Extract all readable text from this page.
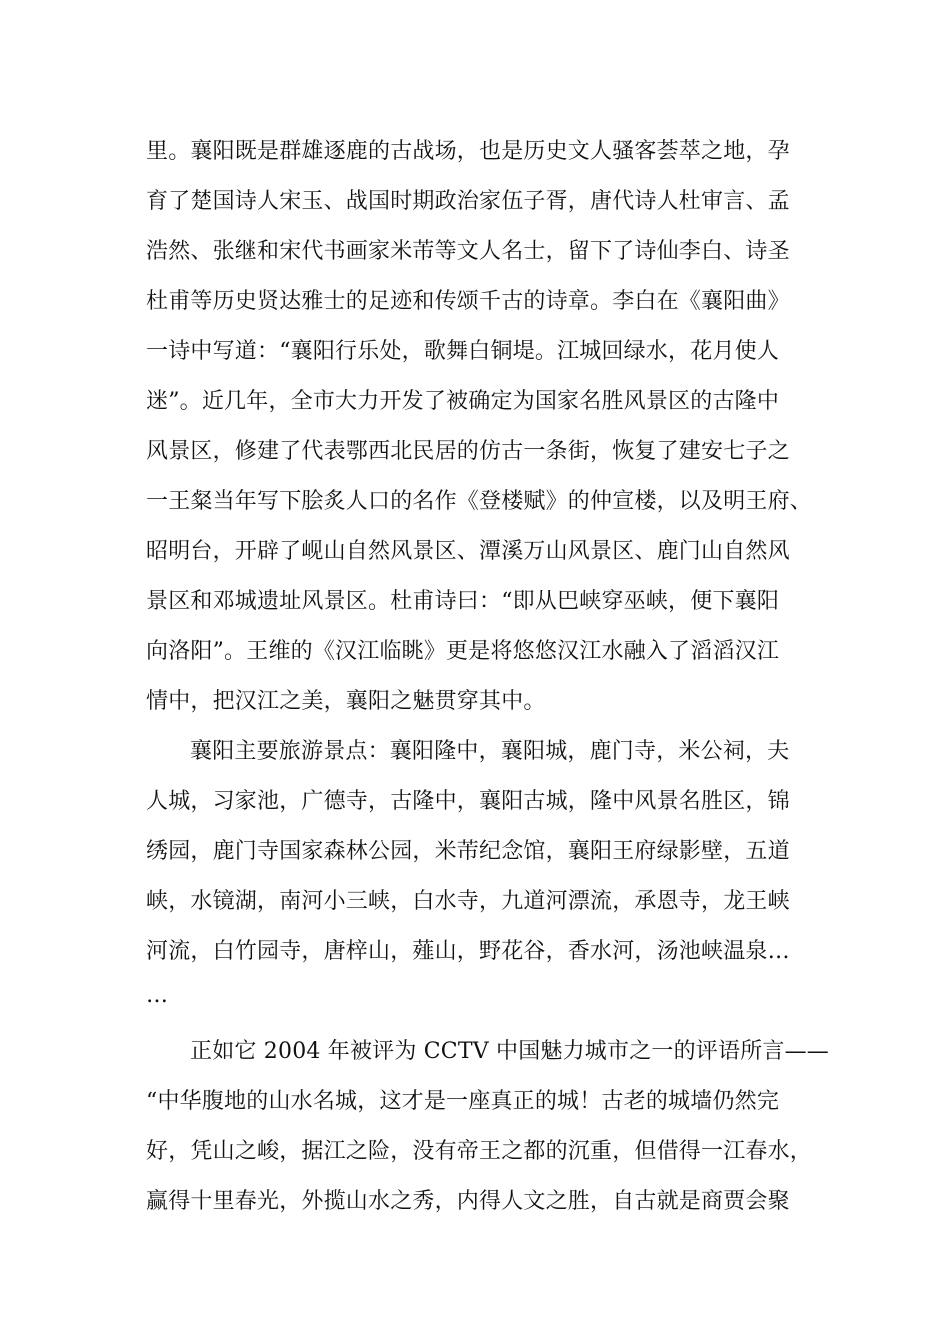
里。襄阳既是群雄逐鹿的古战场，也是历史文人骚客荟萃之地，孕
育了楚国诗人宋玉、战国时期政治家伍子胥，唐代诗人杜审言、孟
浩然、张继和宋代书画家米芾等文人名士，留下了诗仙李白、诗圣
杜甫等历史贤达雅士的足迹和传颂千古的诗章。李白在《襄阳曲》
一诗中写道：“襄阳行乐处，歌舞白铜堤。江城回绿水，花月使人
迷”。近几年，全市大力开发了被确定为国家名胜风景区的古隆中
风景区，修建了代表鄂西北民居的仿古一条街，恢复了建安七子之
一王粲当年写下脍炙人口的名作《登楼赋》的仲宣楼，以及明王府、
昭明台，开辟了岘山自然风景区、潭溪万山风景区、鹿门山自然风
景区和邓城遗址风景区。杜甫诗曰：“即从巴峡穿巫峡，便下襄阳
向洛阳”。王维的《汉江临眺》更是将悠悠汉江水融入了滔滔汉江
情中，把汉江之美，襄阳之魅贯穿其中。
襄阳主要旅游景点：襄阳隆中，襄阳城，鹿门寺，米公祠，夫
人城，习家池，广德寺，古隆中，襄阳古城，隆中风景名胜区，锦
绣园，鹿门寺国家森林公园，米芾纪念馆，襄阳王府绿影壁，五道
峡，水镜湖，南河小三峡，白水寺，九道河漂流，承恩寺，龙王峡
河流，白竹园寺，唐梓山，薤山，野花谷，香水河，汤池峡温泉…
…
正如它 2004 年被评为 CCTV 中国魅力城市之一的评语所言——
“中华腹地的山水名城，这才是一座真正的城！古老的城墙仍然完
好，凭山之峻，据江之险，没有帝王之都的沉重，但借得一江春水，
赢得十里春光，外揽山水之秀，内得人文之胜，自古就是商贾会聚
